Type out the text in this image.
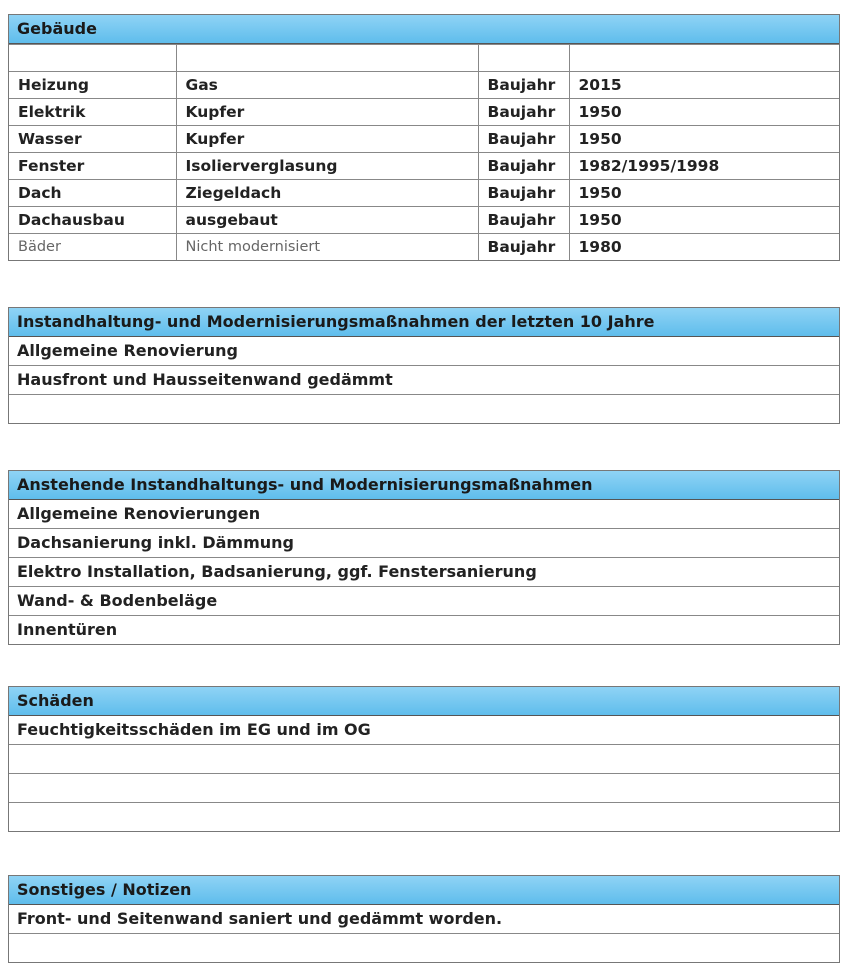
Gebäude

Heizung	Gas	Baujahr	2015
Elektrik	Kupfer	Baujahr	1950
Wasser	Kupfer	Baujahr	1950
Fenster	Isolierverglasung	Baujahr	1982/1995/1998
Dach	Ziegeldach	Baujahr	1950
Dachausbau	ausgebaut	Baujahr	1950
Bäder	Nicht modernisiert	Baujahr	1980
Instandhaltung- und Modernisierungsmaßnahmen der letzten 10 Jahre
Allgemeine Renovierung
Hausfront und Hausseitenwand gedämmt
Anstehende Instandhaltungs- und Modernisierungsmaßnahmen
Allgemeine Renovierungen
Dachsanierung inkl. Dämmung
Elektro Installation, Badsanierung, ggf. Fenstersanierung
Wand- & Bodenbeläge
Innentüren
Schäden
Feuchtigkeitsschäden im EG und im OG
Sonstiges / Notizen
Front- und Seitenwand saniert und gedämmt worden.
